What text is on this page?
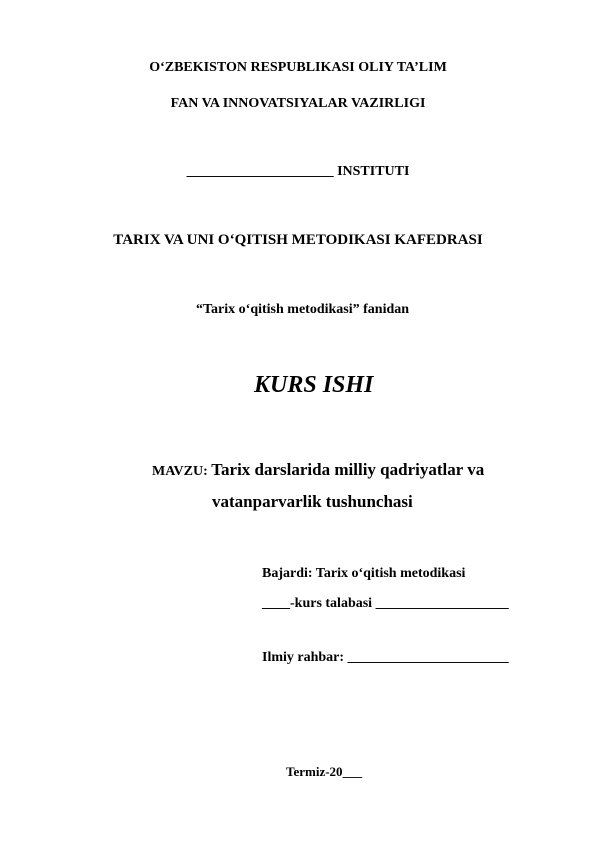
O‘ZBEKISTON RESPUBLIKASI OLIY TA’LIM
FAN VA INNOVATSIYALAR VAZIRLIGI
_____________________ INSTITUTI
TARIX VA UNI O‘QITISH METODIKASI KAFEDRASI
“Tarix o‘qitish metodikasi” fanidan
KURS ISHI
MAVZU: Tarix darslarida milliy qadriyatlar va
vatanparvarlik tushunchasi
Bajardi: Tarix o‘qitish metodikasi
____-kurs talabasi ___________________
Ilmiy rahbar: _______________________
Termiz-20___
